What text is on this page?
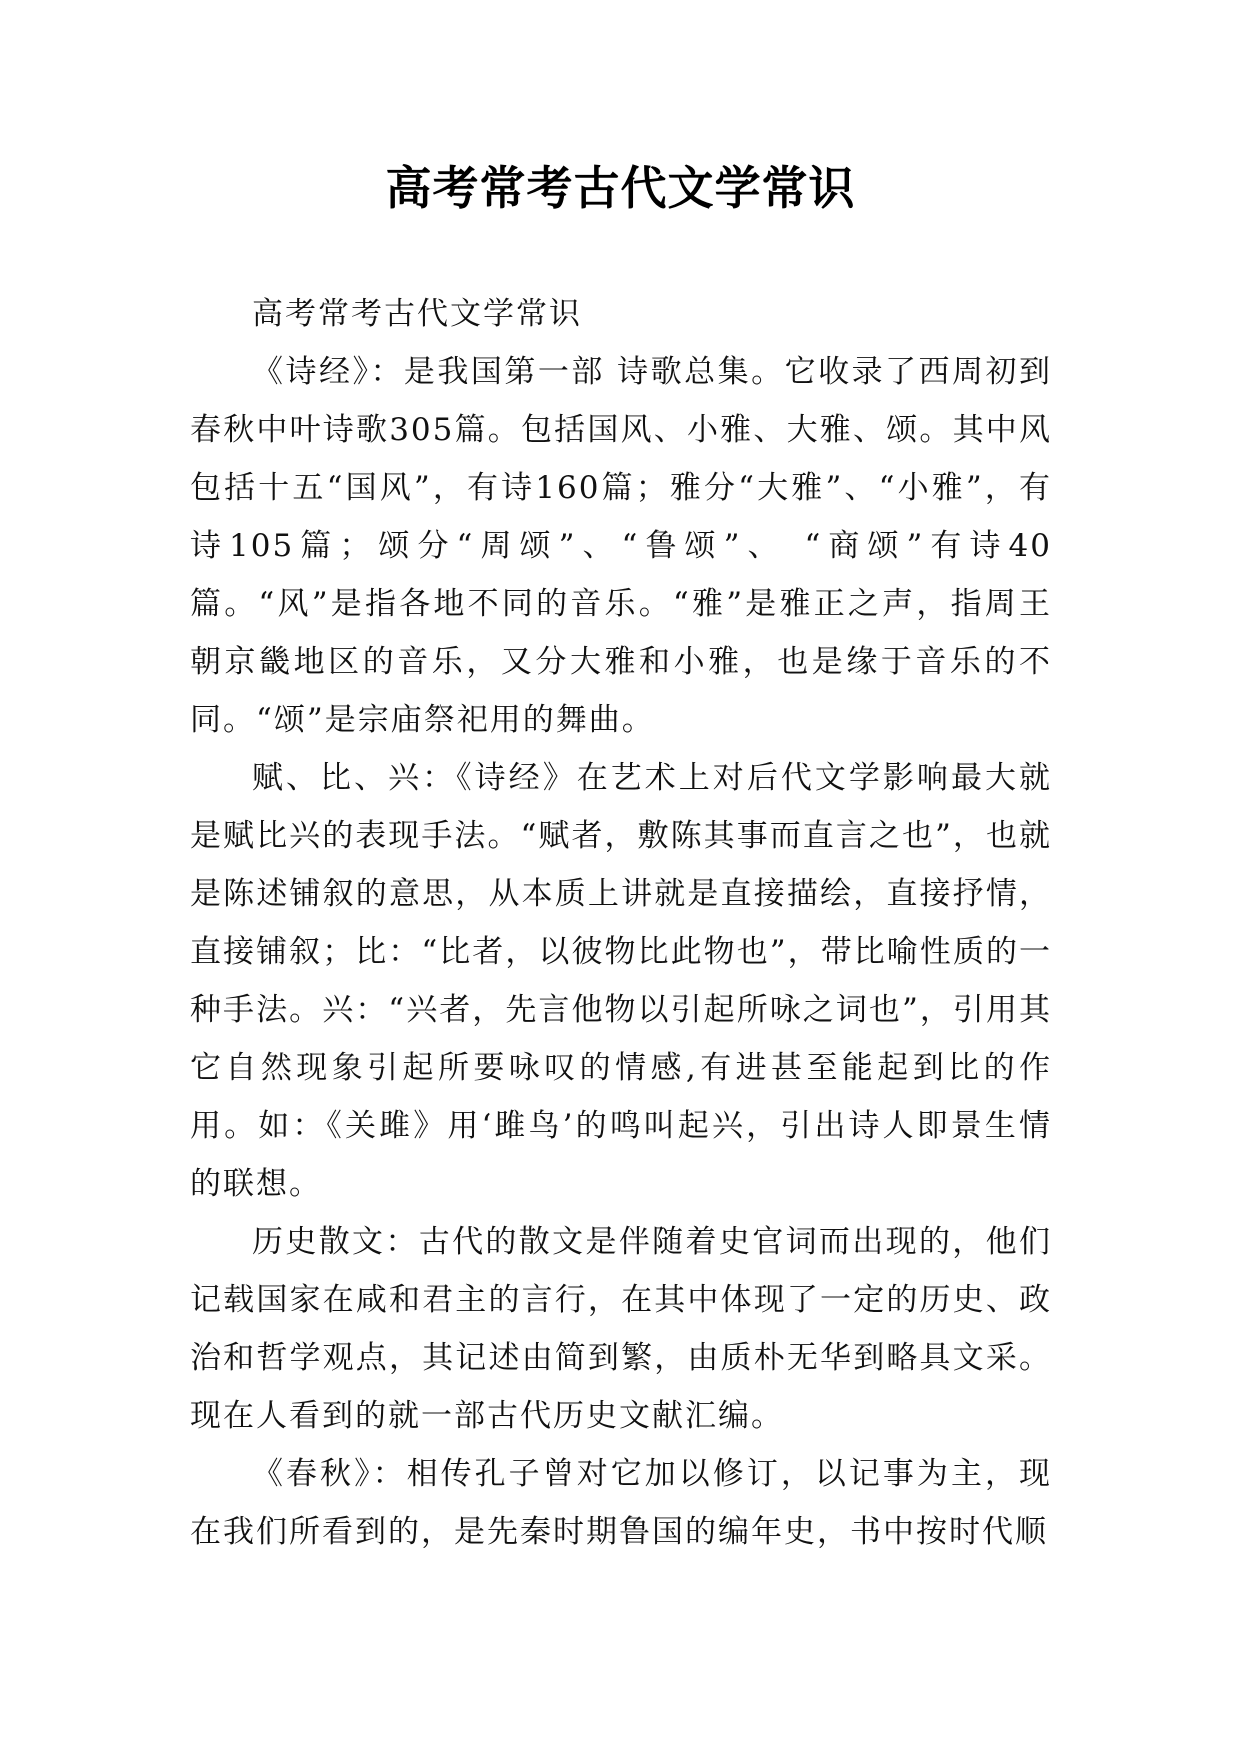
高考常考古代文学常识

高考常考古代文学常识

《诗经》：是我国第一部 诗歌总集。它收录了西周初到春秋中叶诗歌305篇。包括国风、小雅、大雅、颂。其中风包括十五“国风”，有诗160篇；雅分“大雅”、“小雅”，有诗105篇；颂分“周颂”、“鲁颂”、 “商颂”有诗40篇。“风”是指各地不同的音乐。“雅”是雅正之声，指周王朝京畿地区的音乐，又分大雅和小雅，也是缘于音乐的不同。“颂”是宗庙祭祀用的舞曲。

赋、比、兴：《诗经》在艺术上对后代文学影响最大就是赋比兴的表现手法。“赋者，敷陈其事而直言之也”，也就是陈述铺叙的意思，从本质上讲就是直接描绘，直接抒情，直接铺叙；比：“比者，以彼物比此物也”，带比喻性质的一种手法。兴：“兴者，先言他物以引起所咏之词也”，引用其它自然现象引起所要咏叹的情感,有进甚至能起到比的作用。如：《关雎》用‘雎鸟’的鸣叫起兴，引出诗人即景生情的联想。

历史散文：古代的散文是伴随着史官词而出现的，他们记载国家在咸和君主的言行，在其中体现了一定的历史、政治和哲学观点，其记述由简到繁，由质朴无华到略具文采。现在人看到的就一部古代历史文献汇编。

《春秋》：相传孔子曾对它加以修订，以记事为主，现在我们所看到的，是先秦时期鲁国的编年史，书中按时代顺
